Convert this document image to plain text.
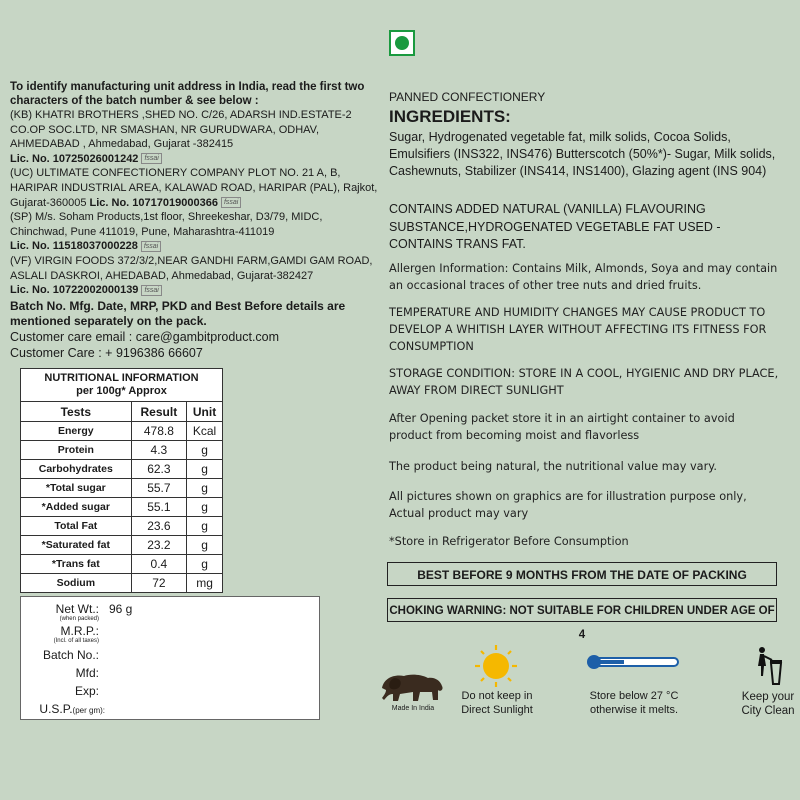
To identify manufacturing unit address in India, read the first two characters of the batch number & see below :

(KB) KHATRI BROTHERS ,SHED NO. C/26, ADARSH IND.ESTATE-2 CO.OP SOC.LTD, NR SMASHAN, NR GURUDWARA, ODHAV, AHMEDABAD , Ahmedabad, Gujarat -382415
Lic. No. 10725026001242 fssai

(UC) ULTIMATE CONFECTIONERY COMPANY PLOT NO. 21 A, B, HARIPAR INDUSTRIAL AREA, KALAWAD ROAD, HARIPAR (PAL), Rajkot, Gujarat-360005 Lic. No. 10717019000366 fssai

(SP) M/s. Soham Products,1st floor, Shreekeshar, D3/79, MIDC, Chinchwad, Pune 411019, Pune, Maharashtra-411019
Lic. No. 11518037000228 fssai

(VF) VIRGIN FOODS 372/3/2,NEAR GANDHI FARM,GAMDI GAM ROAD, ASLALI DASKROI, AHEDABAD, Ahmedabad, Gujarat-382427
Lic. No. 10722002000139 fssai

Batch No. Mfg. Date, MRP, PKD and Best Before details are mentioned separately on the pack.
Customer care email : care@gambitproduct.com
Customer Care : + 9196386 66607
NUTRITIONAL INFORMATION
per 100g* Approx		
Tests	Result	Unit
Energy	478.8	Kcal
Protein	4.3	g
Carbohydrates	62.3	g
*Total sugar	55.7	g
*Added sugar	55.1	g
Total Fat	23.6	g
*Saturated fat	23.2	g
*Trans fat	0.4	g
Sodium	72	mg
Net Wt.:
(when packed)
96 g
M.R.P.:
(Incl. of all taxes)
Batch No.:
Mfd:
Exp:
U.S.P.(per gm):
PANNED CONFECTIONERY
INGREDIENTS:
Sugar, Hydrogenated vegetable fat, milk solids, Cocoa Solids, Emulsifiers (INS322, INS476) Butterscotch (50%*)- Sugar, Milk solids, Cashewnuts, Stabilizer (INS414, INS1400), Glazing agent (INS 904)
CONTAINS ADDED NATURAL (VANILLA) FLAVOURING SUBSTANCE,HYDROGENATED VEGETABLE FAT USED - CONTAINS TRANS FAT.
Allergen Information: Contains Milk, Almonds, Soya and may contain an occasional traces of other tree nuts and dried fruits.
TEMPERATURE AND HUMIDITY CHANGES MAY CAUSE PRODUCT TO DEVELOP A WHITISH LAYER WITHOUT AFFECTING ITS FITNESS FOR CONSUMPTION
STORAGE CONDITION: STORE IN A COOL, HYGIENIC AND DRY PLACE, AWAY FROM DIRECT SUNLIGHT
After Opening packet store it in an airtight container to avoid product from becoming moist and flavorless
The product being natural, the nutritional value may vary.
All pictures shown on graphics are for illustration purpose only, Actual product may vary
*Store in Refrigerator Before Consumption
BEST BEFORE 9 MONTHS FROM THE DATE OF PACKING
CHOKING WARNING: NOT SUITABLE FOR CHILDREN UNDER AGE OF 4
Made In India
Do not keep in Direct Sunlight
Store below 27 °C otherwise it melts.
Keep your City Clean
